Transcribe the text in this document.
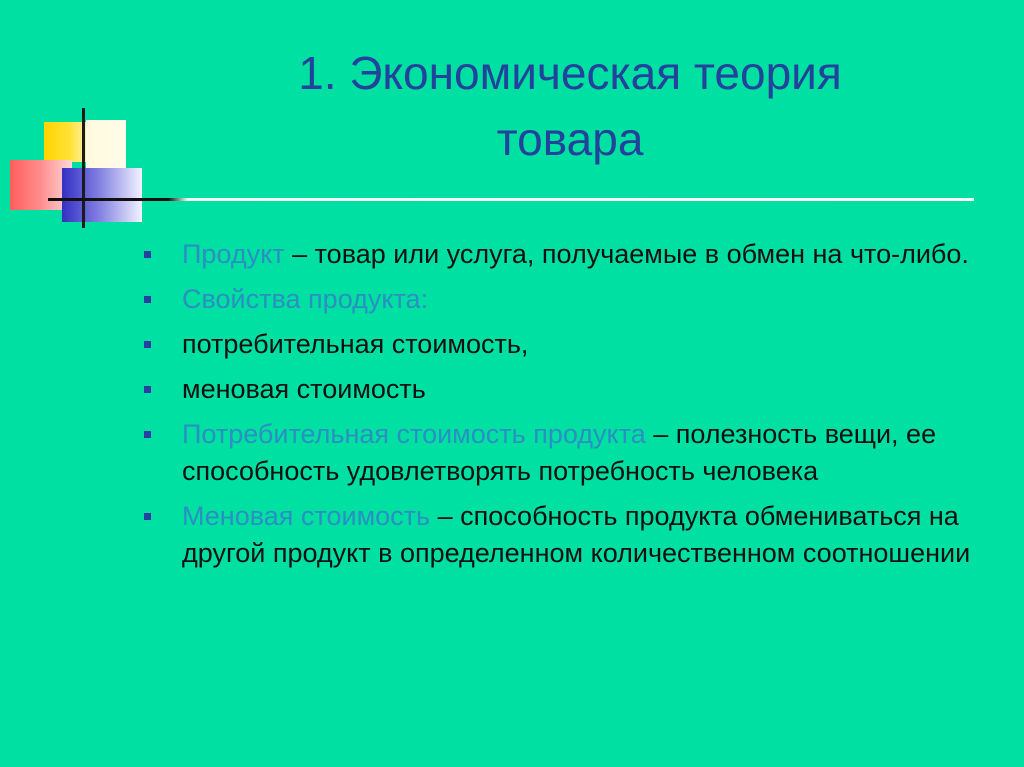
1. Экономическая теория
товара
Продукт – товар или услуга, получаемые в обмен на что-либо.
Свойства продукта:
потребительная стоимость,
меновая стоимость
Потребительная стоимость продукта – полезность вещи, ее способность удовлетворять потребность человека
Меновая стоимость – способность продукта обмениваться на другой продукт в определенном количественном соотношении
